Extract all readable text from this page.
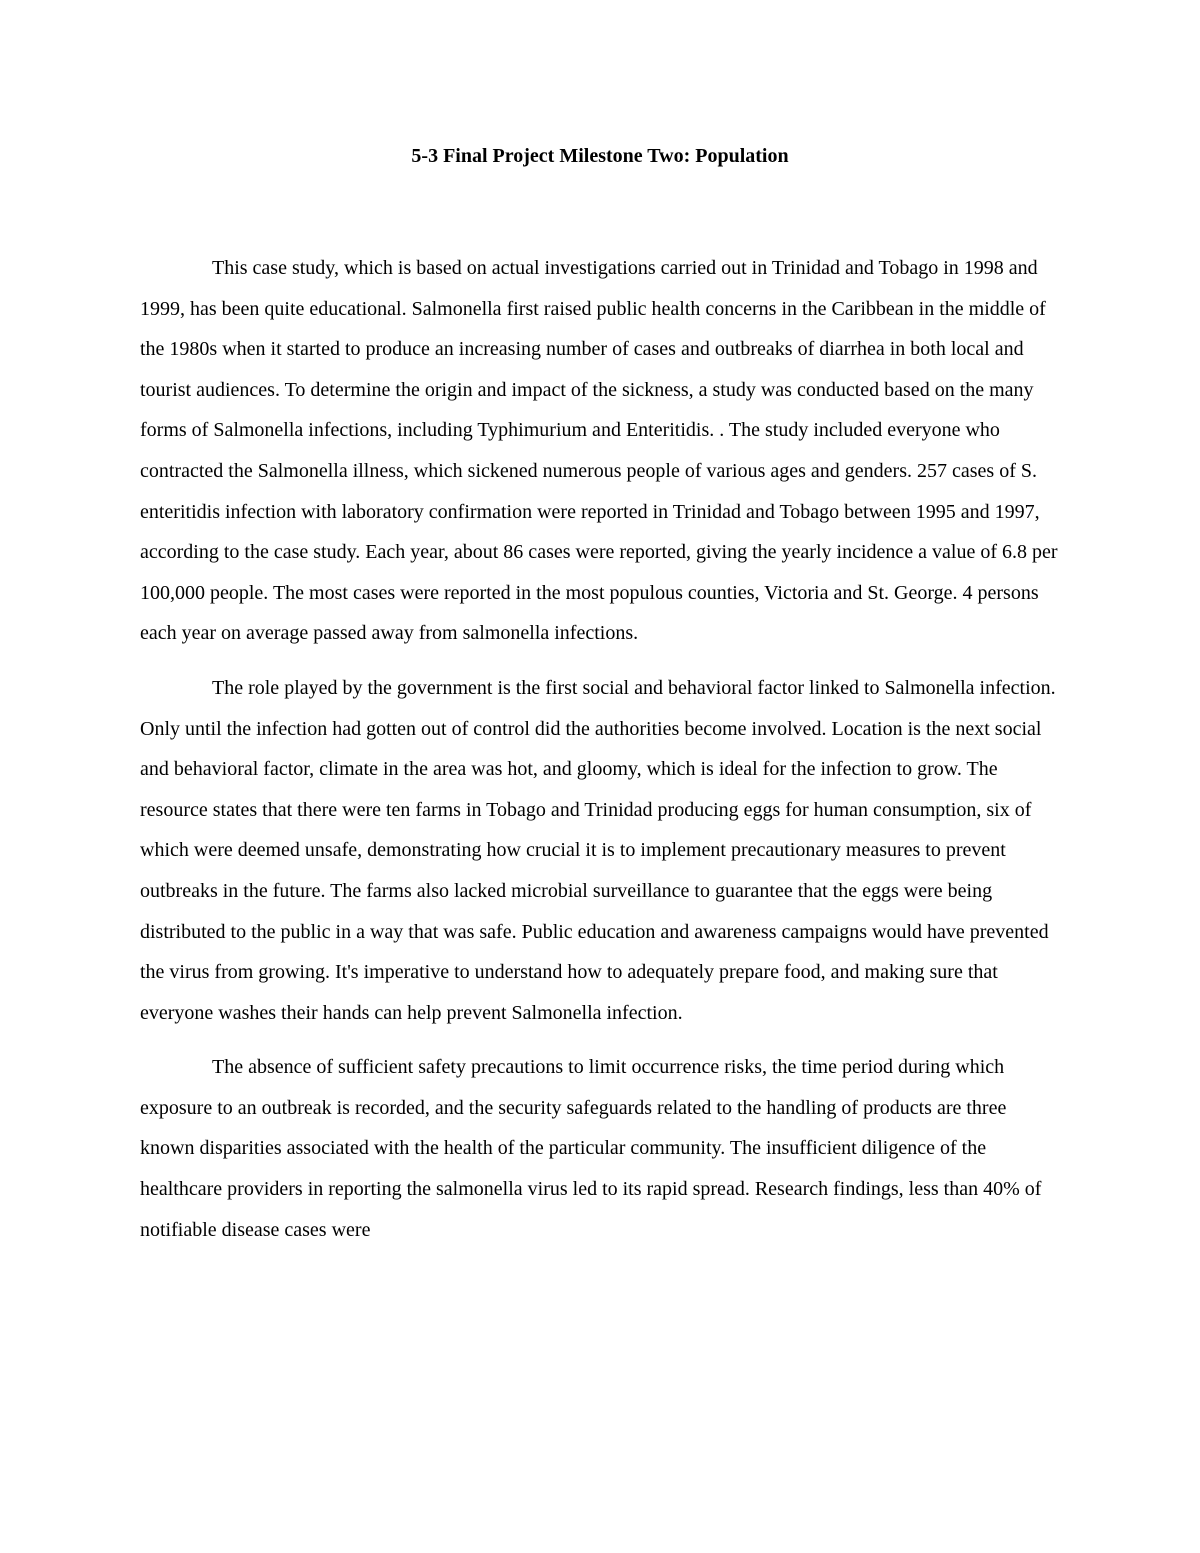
5-3 Final Project Milestone Two: Population

This case study, which is based on actual investigations carried out in Trinidad and Tobago in 1998 and 1999, has been quite educational. Salmonella first raised public health concerns in the Caribbean in the middle of the 1980s when it started to produce an increasing number of cases and outbreaks of diarrhea in both local and tourist audiences. To determine the origin and impact of the sickness, a study was conducted based on the many forms of Salmonella infections, including Typhimurium and Enteritidis. . The study included everyone who contracted the Salmonella illness, which sickened numerous people of various ages and genders. 257 cases of S. enteritidis infection with laboratory confirmation were reported in Trinidad and Tobago between 1995 and 1997, according to the case study. Each year, about 86 cases were reported, giving the yearly incidence a value of 6.8 per 100,000 people. The most cases were reported in the most populous counties, Victoria and St. George. 4 persons each year on average passed away from salmonella infections.

The role played by the government is the first social and behavioral factor linked to Salmonella infection. Only until the infection had gotten out of control did the authorities become involved. Location is the next social and behavioral factor, climate in the area was hot, and gloomy, which is ideal for the infection to grow. The resource states that there were ten farms in Tobago and Trinidad producing eggs for human consumption, six of which were deemed unsafe, demonstrating how crucial it is to implement precautionary measures to prevent outbreaks in the future. The farms also lacked microbial surveillance to guarantee that the eggs were being distributed to the public in a way that was safe. Public education and awareness campaigns would have prevented the virus from growing. It's imperative to understand how to adequately prepare food, and making sure that everyone washes their hands can help prevent Salmonella infection.

The absence of sufficient safety precautions to limit occurrence risks, the time period during which exposure to an outbreak is recorded, and the security safeguards related to the handling of products are three known disparities associated with the health of the particular community. The insufficient diligence of the healthcare providers in reporting the salmonella virus led to its rapid spread. Research findings, less than 40% of notifiable disease cases were
